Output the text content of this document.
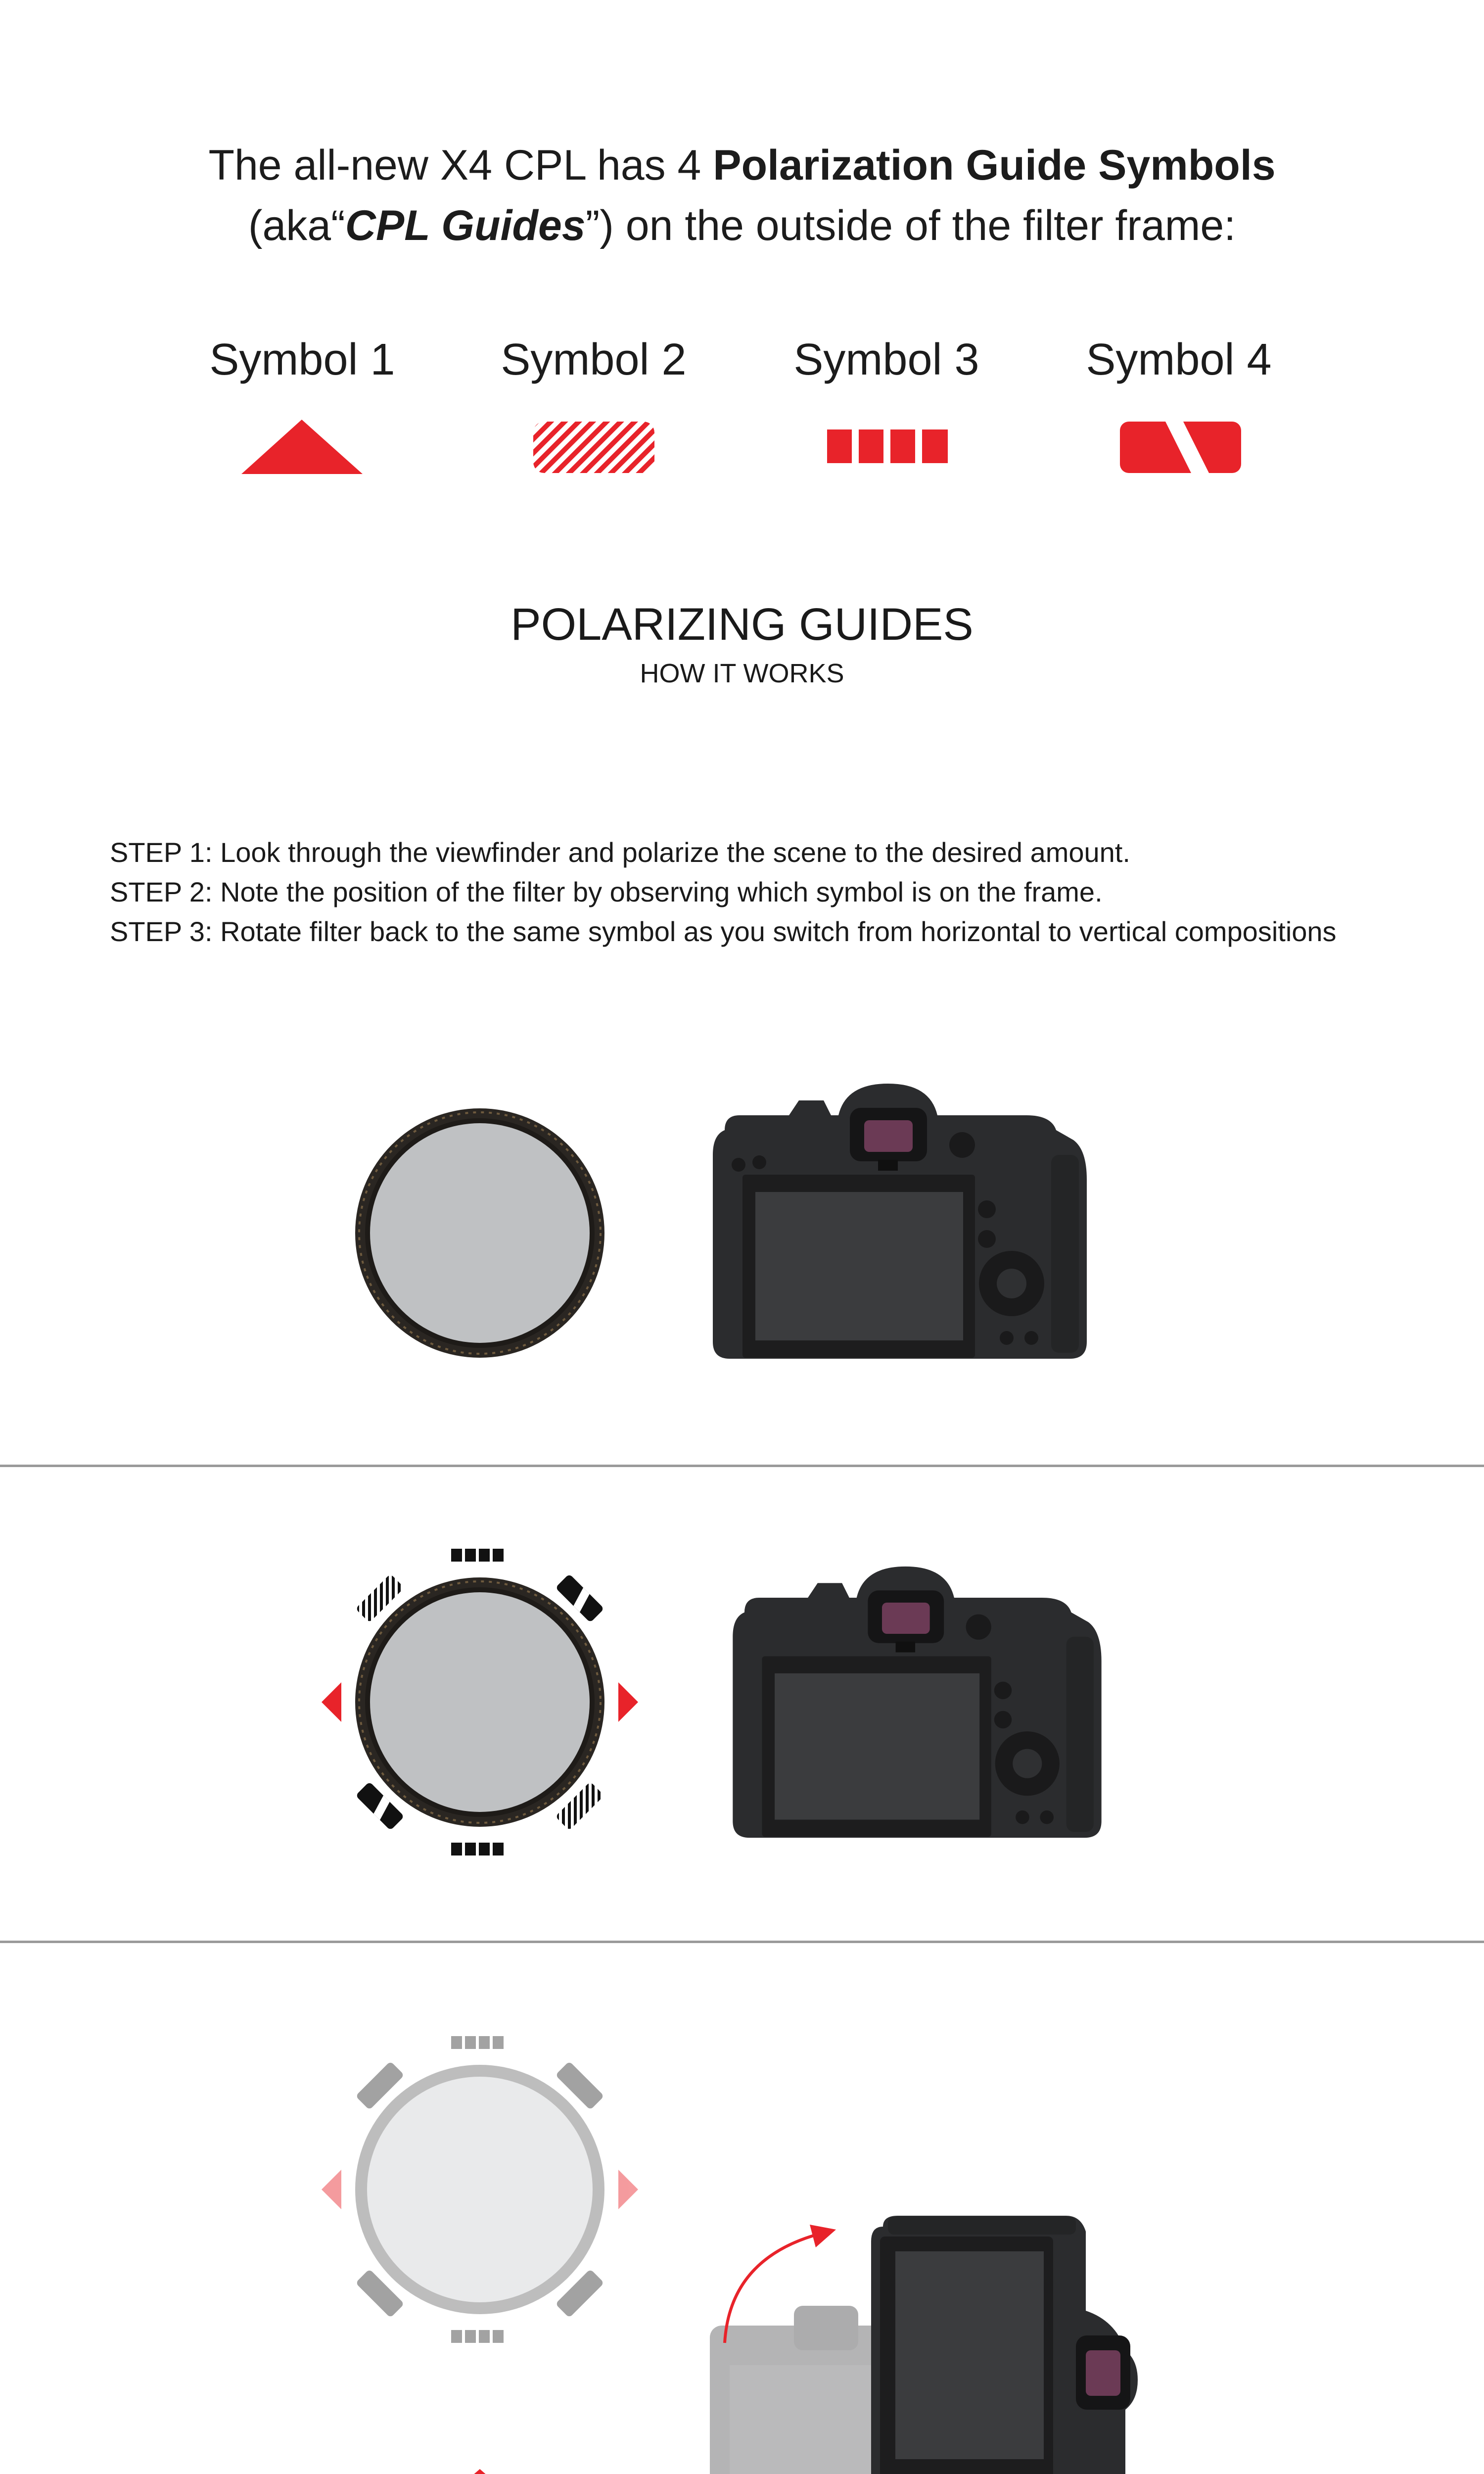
The all-new X4 CPL has 4 Polarization Guide Symbols
(aka“CPL Guides”) on the outside of the filter frame:
Symbol 1	Symbol 2	Symbol 3	Symbol 4
POLARIZING GUIDES
HOW IT WORKS
STEP 1: Look through the viewfinder and polarize the scene to the desired amount.
STEP 2: Note the position of the filter by observing which symbol is on the frame.
STEP 3: Rotate filter back to the same symbol as you switch from horizontal to vertical compositions
